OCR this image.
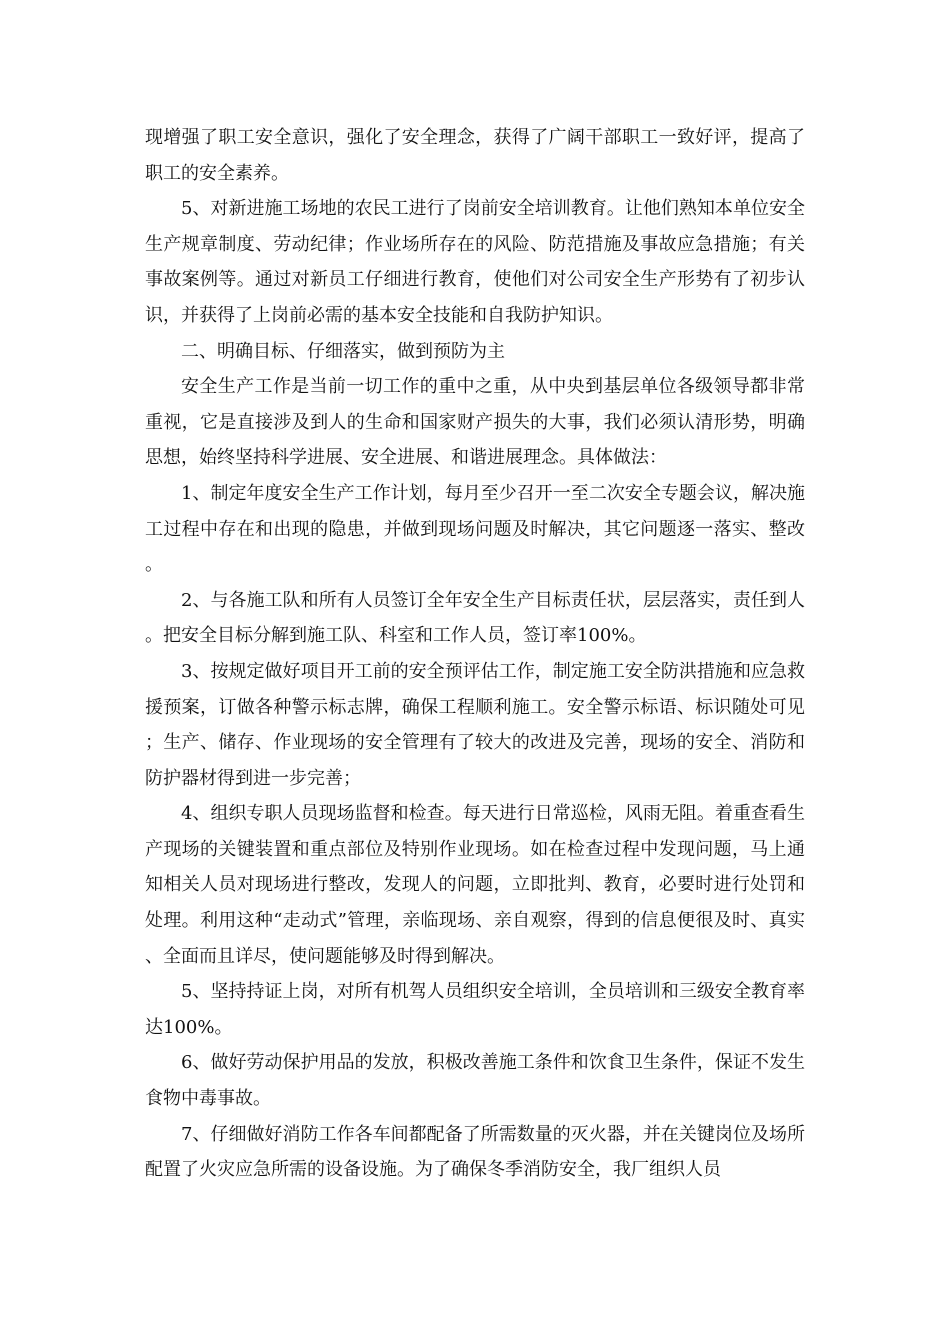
现增强了职工安全意识，强化了安全理念，获得了广阔干部职工一致好评，提高了职工的安全素养。

5、对新进施工场地的农民工进行了岗前安全培训教育。让他们熟知本单位安全生产规章制度、劳动纪律；作业场所存在的风险、防范措施及事故应急措施；有关事故案例等。通过对新员工仔细进行教育，使他们对公司安全生产形势有了初步认识，并获得了上岗前必需的基本安全技能和自我防护知识。

二、明确目标、仔细落实，做到预防为主

安全生产工作是当前一切工作的重中之重，从中央到基层单位各级领导都非常重视，它是直接涉及到人的生命和国家财产损失的大事，我们必须认清形势，明确思想，始终坚持科学进展、安全进展、和谐进展理念。具体做法：

1、制定年度安全生产工作计划，每月至少召开一至二次安全专题会议，解决施工过程中存在和出现的隐患，并做到现场问题及时解决，其它问题逐一落实、整改。

2、与各施工队和所有人员签订全年安全生产目标责任状，层层落实，责任到人。把安全目标分解到施工队、科室和工作人员，签订率100%。

3、按规定做好项目开工前的安全预评估工作，制定施工安全防洪措施和应急救援预案，订做各种警示标志牌，确保工程顺利施工。安全警示标语、标识随处可见；生产、储存、作业现场的安全管理有了较大的改进及完善，现场的安全、消防和防护器材得到进一步完善；

4、组织专职人员现场监督和检查。每天进行日常巡检，风雨无阻。着重查看生产现场的关键装置和重点部位及特别作业现场。如在检查过程中发现问题，马上通知相关人员对现场进行整改，发现人的问题，立即批判、教育，必要时进行处罚和处理。利用这种“走动式”管理，亲临现场、亲自观察，得到的信息便很及时、真实、全面而且详尽，使问题能够及时得到解决。

5、坚持持证上岗，对所有机驾人员组织安全培训，全员培训和三级安全教育率达100%。

6、做好劳动保护用品的发放，积极改善施工条件和饮食卫生条件，保证不发生食物中毒事故。

7、仔细做好消防工作各车间都配备了所需数量的灭火器，并在关键岗位及场所配置了火灾应急所需的设备设施。为了确保冬季消防安全，我厂组织人员
